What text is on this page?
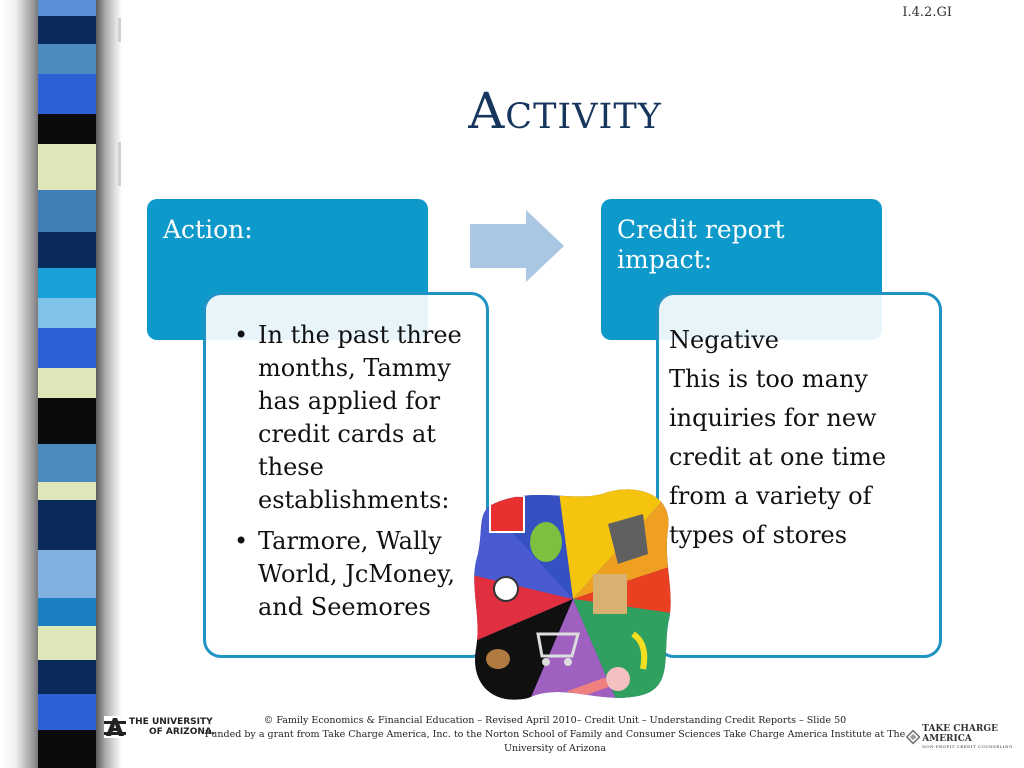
I.4.2.GI
Activity
Action:	Credit report impact:
• In the past three months, Tammy has applied for credit cards at these establishments:
• Tarmore, Wally World, JcMoney, and Seemores
Negative
This is too many inquiries for new credit at one time from a variety of types of stores
THE UNIVERSITY
OF ARIZONA.
© Family Economics & Financial Education – Revised April 2010– Credit Unit – Understanding Credit Reports – Slide 50
Funded by a grant from Take Charge America, Inc. to the Norton School of Family and Consumer Sciences Take Charge America Institute at The University of Arizona
TAKE CHARGE AMERICA
NON-PROFIT CREDIT COUNSELING
